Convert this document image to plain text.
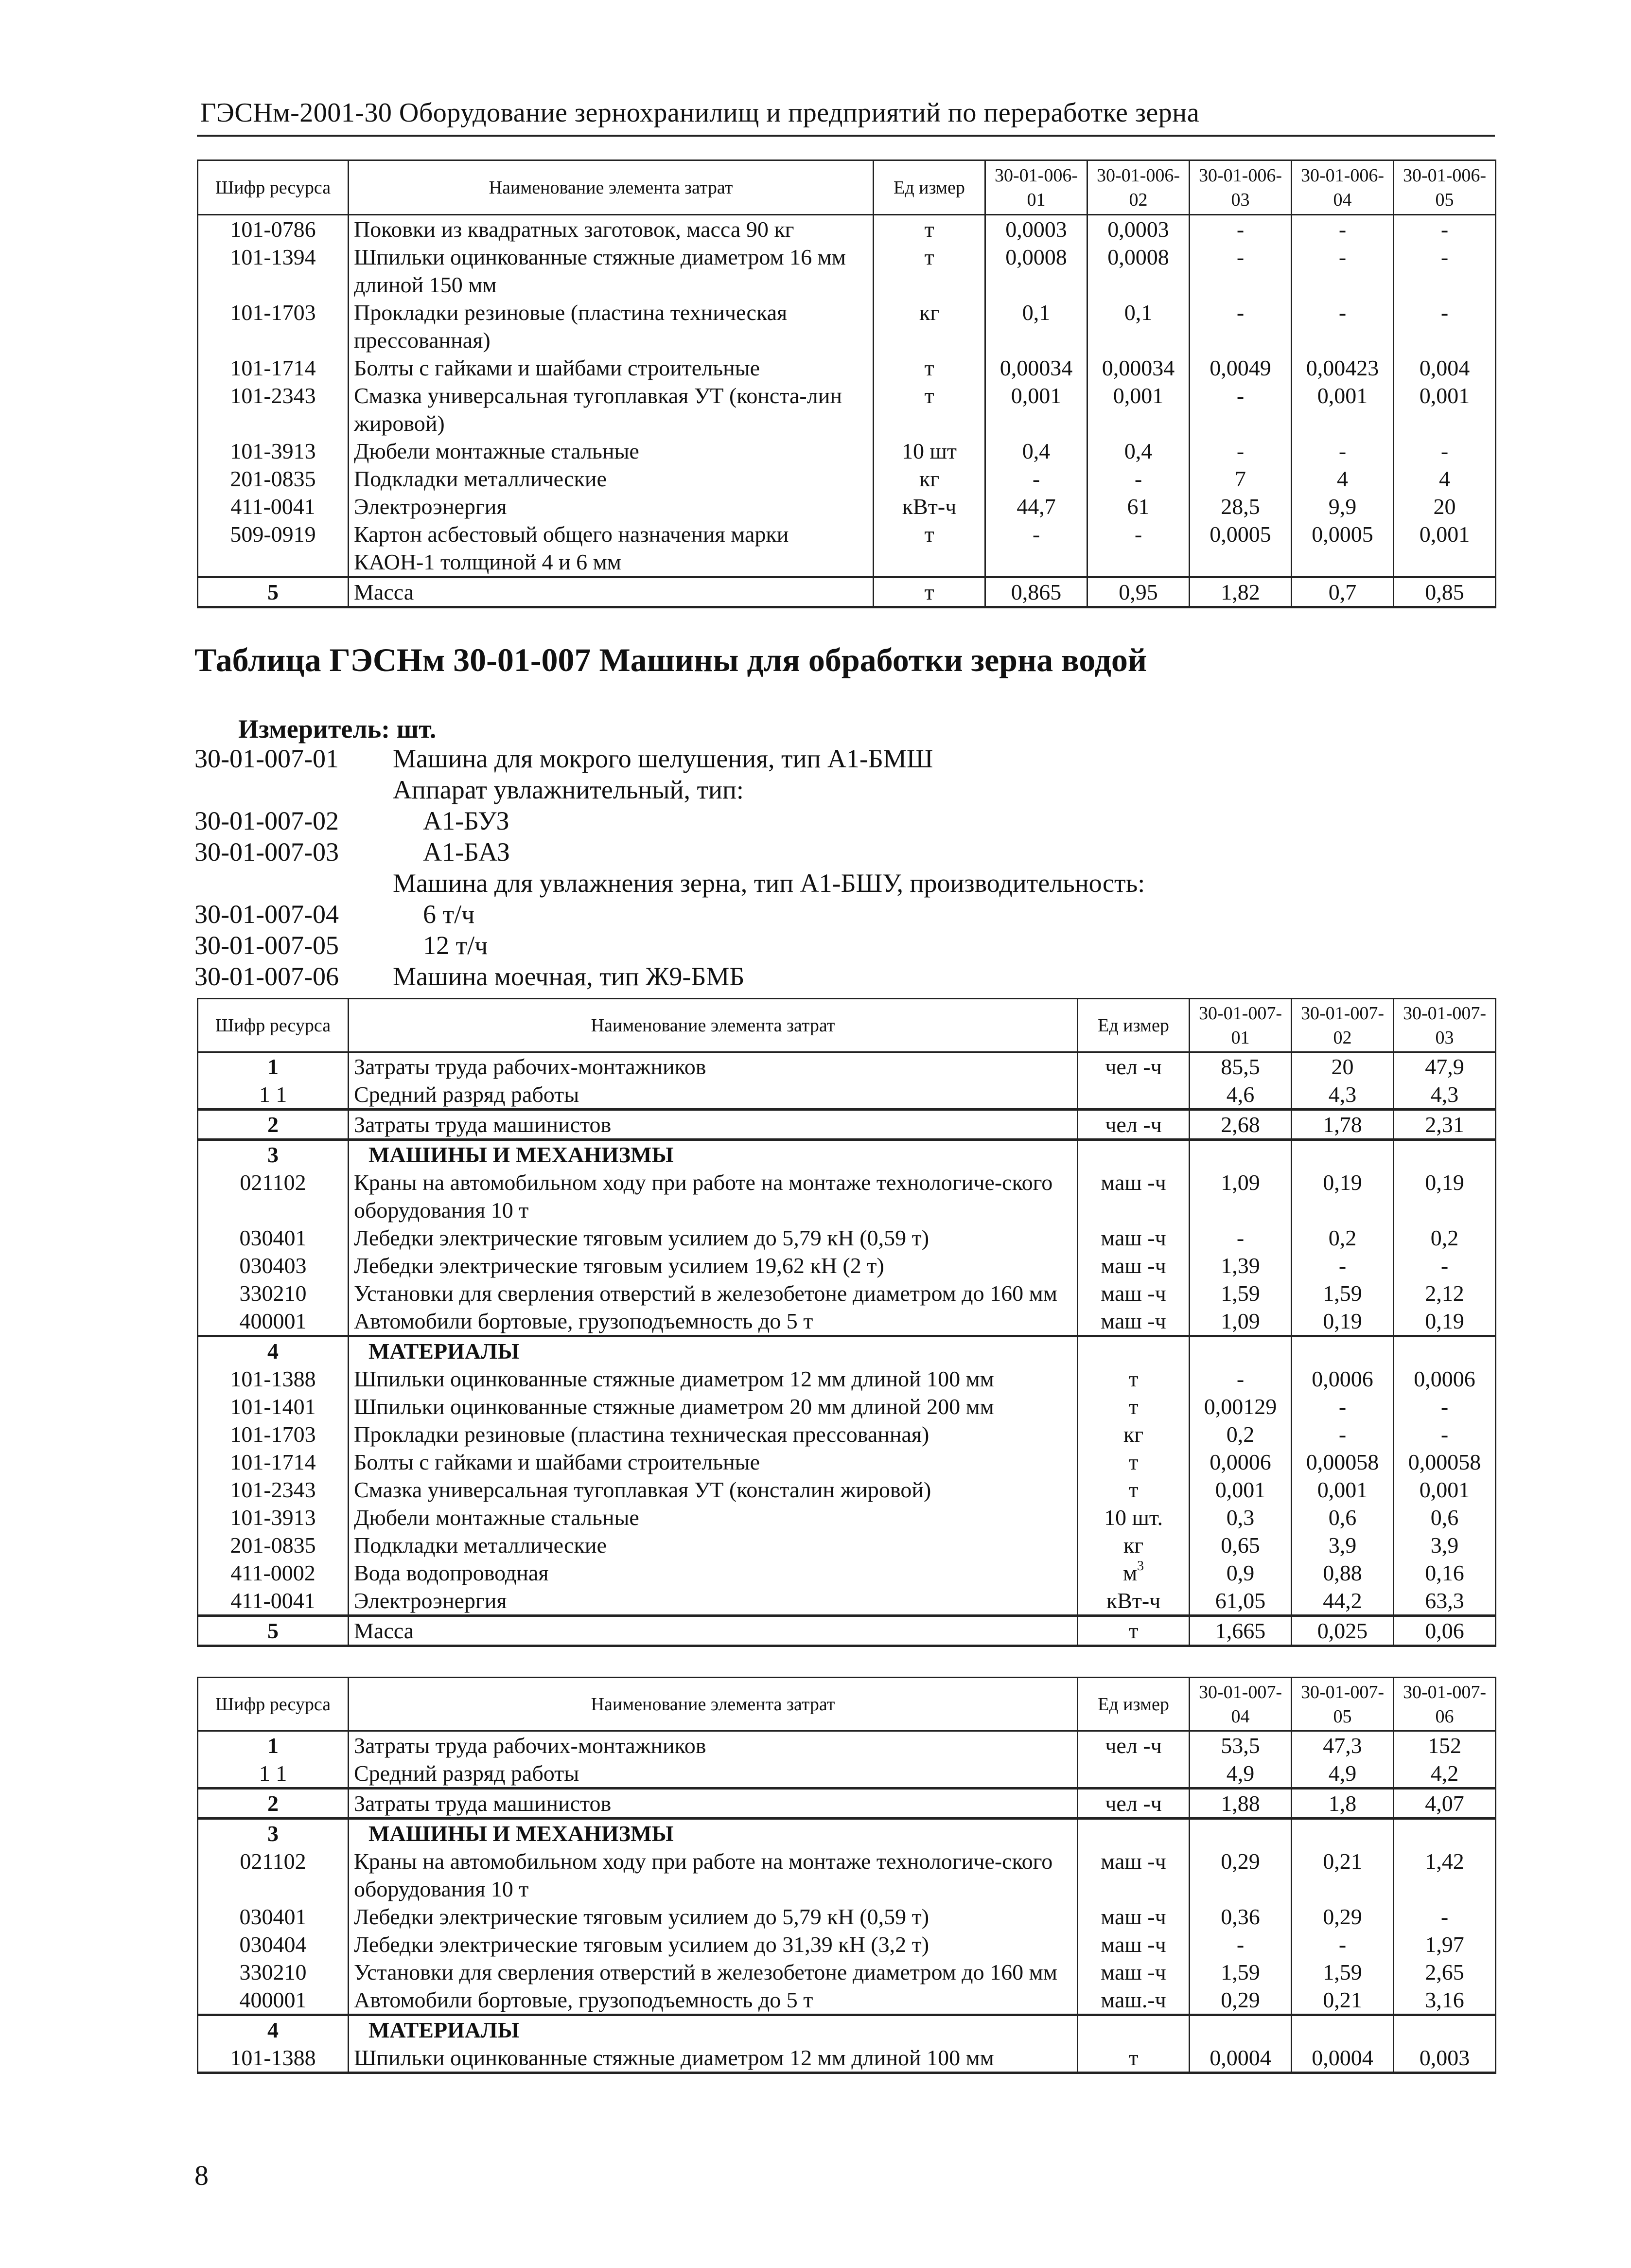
ГЭСНм-2001-30 Оборудование зернохранилищ и предприятий по переработке зерна
Шифр ресурса	Наименование элемента затрат	Ед измер	30-01-006-01	30-01-006-02	30-01-006-03	30-01-006-04	30-01-006-05
101-0786	Поковки из квадратных заготовок, масса 90 кг	т	0,0003	0,0003	-	-	-
101-1394	Шпильки оцинкованные стяжные диаметром 16 мм длиной 150 мм	т	0,0008	0,0008	-	-	-
101-1703	Прокладки резиновые (пластина техническая прессованная)	кг	0,1	0,1	-	-	-
101-1714	Болты с гайками и шайбами строительные	т	0,00034	0,00034	0,0049	0,00423	0,004
101-2343	Смазка универсальная тугоплавкая УТ (конста-лин жировой)	т	0,001	0,001	-	0,001	0,001
101-3913	Дюбели монтажные стальные	10 шт	0,4	0,4	-	-	-
201-0835	Подкладки металлические	кг	-	-	7	4	4
411-0041	Электроэнергия	кВт-ч	44,7	61	28,5	9,9	20
509-0919	Картон асбестовый общего назначения марки КАОН-1 толщиной 4 и 6 мм	т	-	-	0,0005	0,0005	0,001
5	Масса	т	0,865	0,95	1,82	0,7	0,85
Таблица ГЭСНм 30-01-007 Машины для обработки зерна водой
Измеритель: шт.
30-01-007-01 Машина для мокрого шелушения, тип А1-БМШ
Аппарат увлажнительный, тип:
30-01-007-02	А1-БУЗ
30-01-007-03	А1-БАЗ
Машина для увлажнения зерна, тип А1-БШУ, производительность:
30-01-007-04	6 т/ч
30-01-007-05	12 т/ч
30-01-007-06 Машина моечная, тип Ж9-БМБ
Шифр ресурса	Наименование элемента затрат	Ед измер	30-01-007-01	30-01-007-02	30-01-007-03
1	Затраты труда рабочих-монтажников	чел -ч	85,5	20	47,9
1 1	Средний разряд работы		4,6	4,3	4,3
2	Затраты труда машинистов	чел -ч	2,68	1,78	2,31
3	МАШИНЫ И МЕХАНИЗМЫ				
021102	Краны на автомобильном ходу при работе на монтаже технологиче-ского оборудования 10 т	маш -ч	1,09	0,19	0,19
030401	Лебедки электрические тяговым усилием до 5,79 кН (0,59 т)	маш -ч	-	0,2	0,2
030403	Лебедки электрические тяговым усилием 19,62 кН (2 т)	маш -ч	1,39	-	-
330210	Установки для сверления отверстий в железобетоне диаметром до 160 мм	маш -ч	1,59	1,59	2,12
400001	Автомобили бортовые, грузоподъемность до 5 т	маш -ч	1,09	0,19	0,19
4	МАТЕРИАЛЫ				
101-1388	Шпильки оцинкованные стяжные диаметром 12 мм длиной 100 мм	т	-	0,0006	0,0006
101-1401	Шпильки оцинкованные стяжные диаметром 20 мм длиной 200 мм	т	0,00129	-	-
101-1703	Прокладки резиновые (пластина техническая прессованная)	кг	0,2	-	-
101-1714	Болты с гайками и шайбами строительные	т	0,0006	0,00058	0,00058
101-2343	Смазка универсальная тугоплавкая УТ (консталин жировой)	т	0,001	0,001	0,001
101-3913	Дюбели монтажные стальные	10 шт.	0,3	0,6	0,6
201-0835	Подкладки металлические	кг	0,65	3,9	3,9
411-0002	Вода водопроводная	$м^3$	0,9	0,88	0,16
411-0041	Электроэнергия	кВт-ч	61,05	44,2	63,3
5	Масса	т	1,665	0,025	0,06
Шифр ресурса	Наименование элемента затрат	Ед измер	30-01-007-04	30-01-007-05	30-01-007-06
1	Затраты труда рабочих-монтажников	чел -ч	53,5	47,3	152
1 1	Средний разряд работы		4,9	4,9	4,2
2	Затраты труда машинистов	чел -ч	1,88	1,8	4,07
3	МАШИНЫ И МЕХАНИЗМЫ				
021102	Краны на автомобильном ходу при работе на монтаже технологиче-ского оборудования 10 т	маш -ч	0,29	0,21	1,42
030401	Лебедки электрические тяговым усилием до 5,79 кН (0,59 т)	маш -ч	0,36	0,29	-
030404	Лебедки электрические тяговым усилием до 31,39 кН (3,2 т)	маш -ч	-	-	1,97
330210	Установки для сверления отверстий в железобетоне диаметром до 160 мм	маш -ч	1,59	1,59	2,65
400001	Автомобили бортовые, грузоподъемность до 5 т	маш.-ч	0,29	0,21	3,16
4	МАТЕРИАЛЫ				
101-1388	Шпильки оцинкованные стяжные диаметром 12 мм длиной 100 мм	т	0,0004	0,0004	0,003
8
